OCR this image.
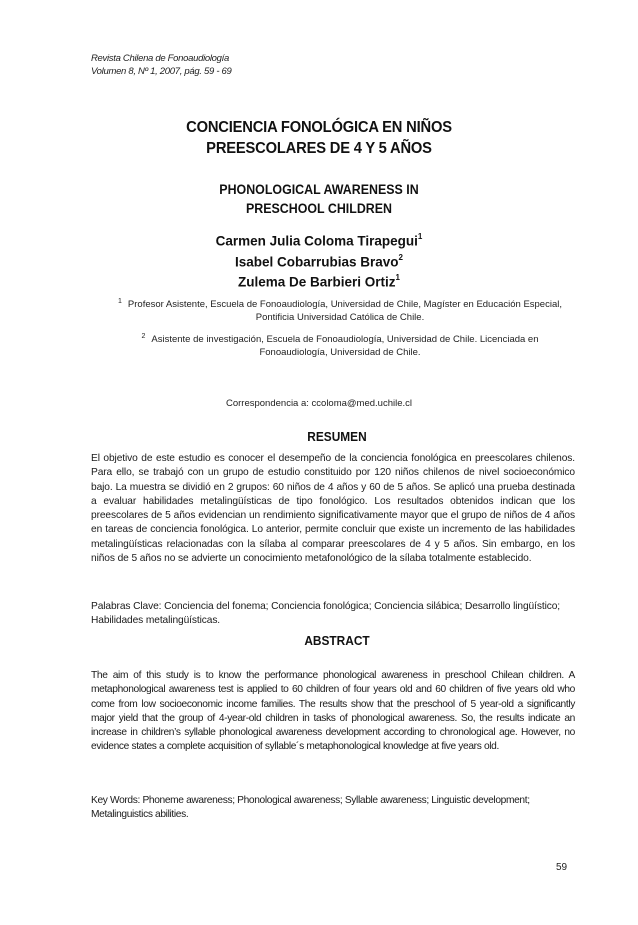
Revista Chilena de Fonoaudiología
Volumen 8, Nº 1, 2007, pág. 59 - 69
CONCIENCIA FONOLÓGICA EN NIÑOS
PREESCOLARES DE 4 Y 5 AÑOS
PHONOLOGICAL AWARENESS IN
PRESCHOOL CHILDREN
Carmen Julia Coloma Tirapegui$^1$
Isabel Cobarrubias Bravo$^2$
Zulema De Barbieri Ortiz$^1$
$^1$ Profesor Asistente, Escuela de Fonoaudiología, Universidad de Chile, Magíster en Educación Especial, Pontificia Universidad Católica de Chile.
$^2$ Asistente de investigación, Escuela de Fonoaudiología, Universidad de Chile. Licenciada en Fonoaudiología, Universidad de Chile.
Correspondencia a: ccoloma@med.uchile.cl
RESUMEN
El objetivo de este estudio es conocer el desempeño de la conciencia fonológica en preescolares chilenos. Para ello, se trabajó con un grupo de estudio constituido por 120 niños chilenos de nivel socioeconómico bajo. La muestra se dividió en 2 grupos: 60 niños de 4 años y 60 de 5 años. Se aplicó una prueba destinada a evaluar habilidades metalingüísticas de tipo fonológico. Los resultados obtenidos indican que los preescolares de 5 años evidencian un rendimiento significativamente mayor que el grupo de niños de 4 años en tareas de conciencia fonológica. Lo anterior, permite concluir que existe un incremento de las habilidades metalingüísticas relacionadas con la sílaba al comparar preescolares de 4 y 5 años. Sin embargo, en los niños de 5 años no se advierte un conocimiento metafonológico de la sílaba totalmente establecido.
Palabras Clave: Conciencia del fonema; Conciencia fonológica; Conciencia silábica; Desarrollo lingüístico; Habilidades metalingüísticas.
ABSTRACT
The aim of this study is to know the performance phonological awareness in preschool Chilean children. A metaphonological awareness test is applied to 60 children of four years old and 60 children of five years old who come from low socioeconomic income families. The results show that the preschool of 5 year-old a significantly major yield that the group of 4-year-old children in tasks of phonological awareness. So, the results indicate an increase in children’s syllable phonological awareness development according to chronological age. However, no evidence states a complete acquisition of syllable´s metaphonological knowledge at five years old.
Key Words: Phoneme awareness; Phonological awareness; Syllable awareness; Linguistic development; Metalinguistics abilities.
59
